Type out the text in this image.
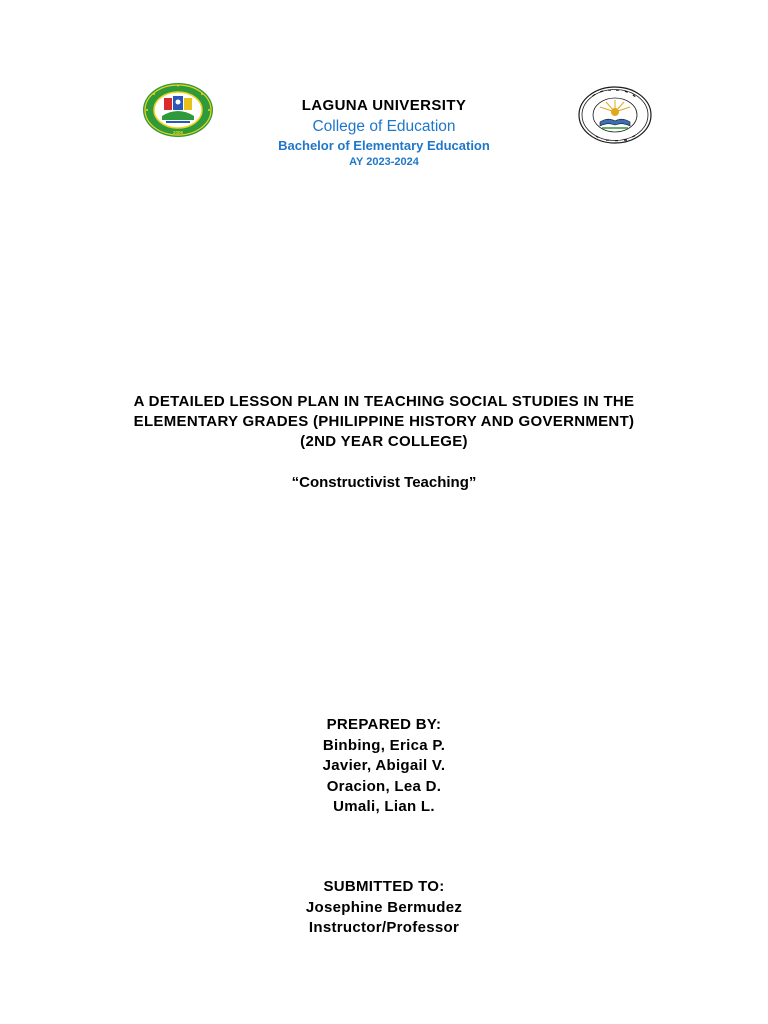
2006
LAGUNA UNIVERSITY
College of Education
Bachelor of Elementary Education
AY 2023-2024
A DETAILED LESSON PLAN IN TEACHING SOCIAL STUDIES IN THE
ELEMENTARY GRADES (PHILIPPINE HISTORY AND GOVERNMENT)
(2ND YEAR COLLEGE)
“Constructivist Teaching”
PREPARED BY:
Binbing, Erica P.
Javier, Abigail V.
Oracion, Lea D.
Umali, Lian L.
SUBMITTED TO:
Josephine Bermudez
Instructor/Professor
